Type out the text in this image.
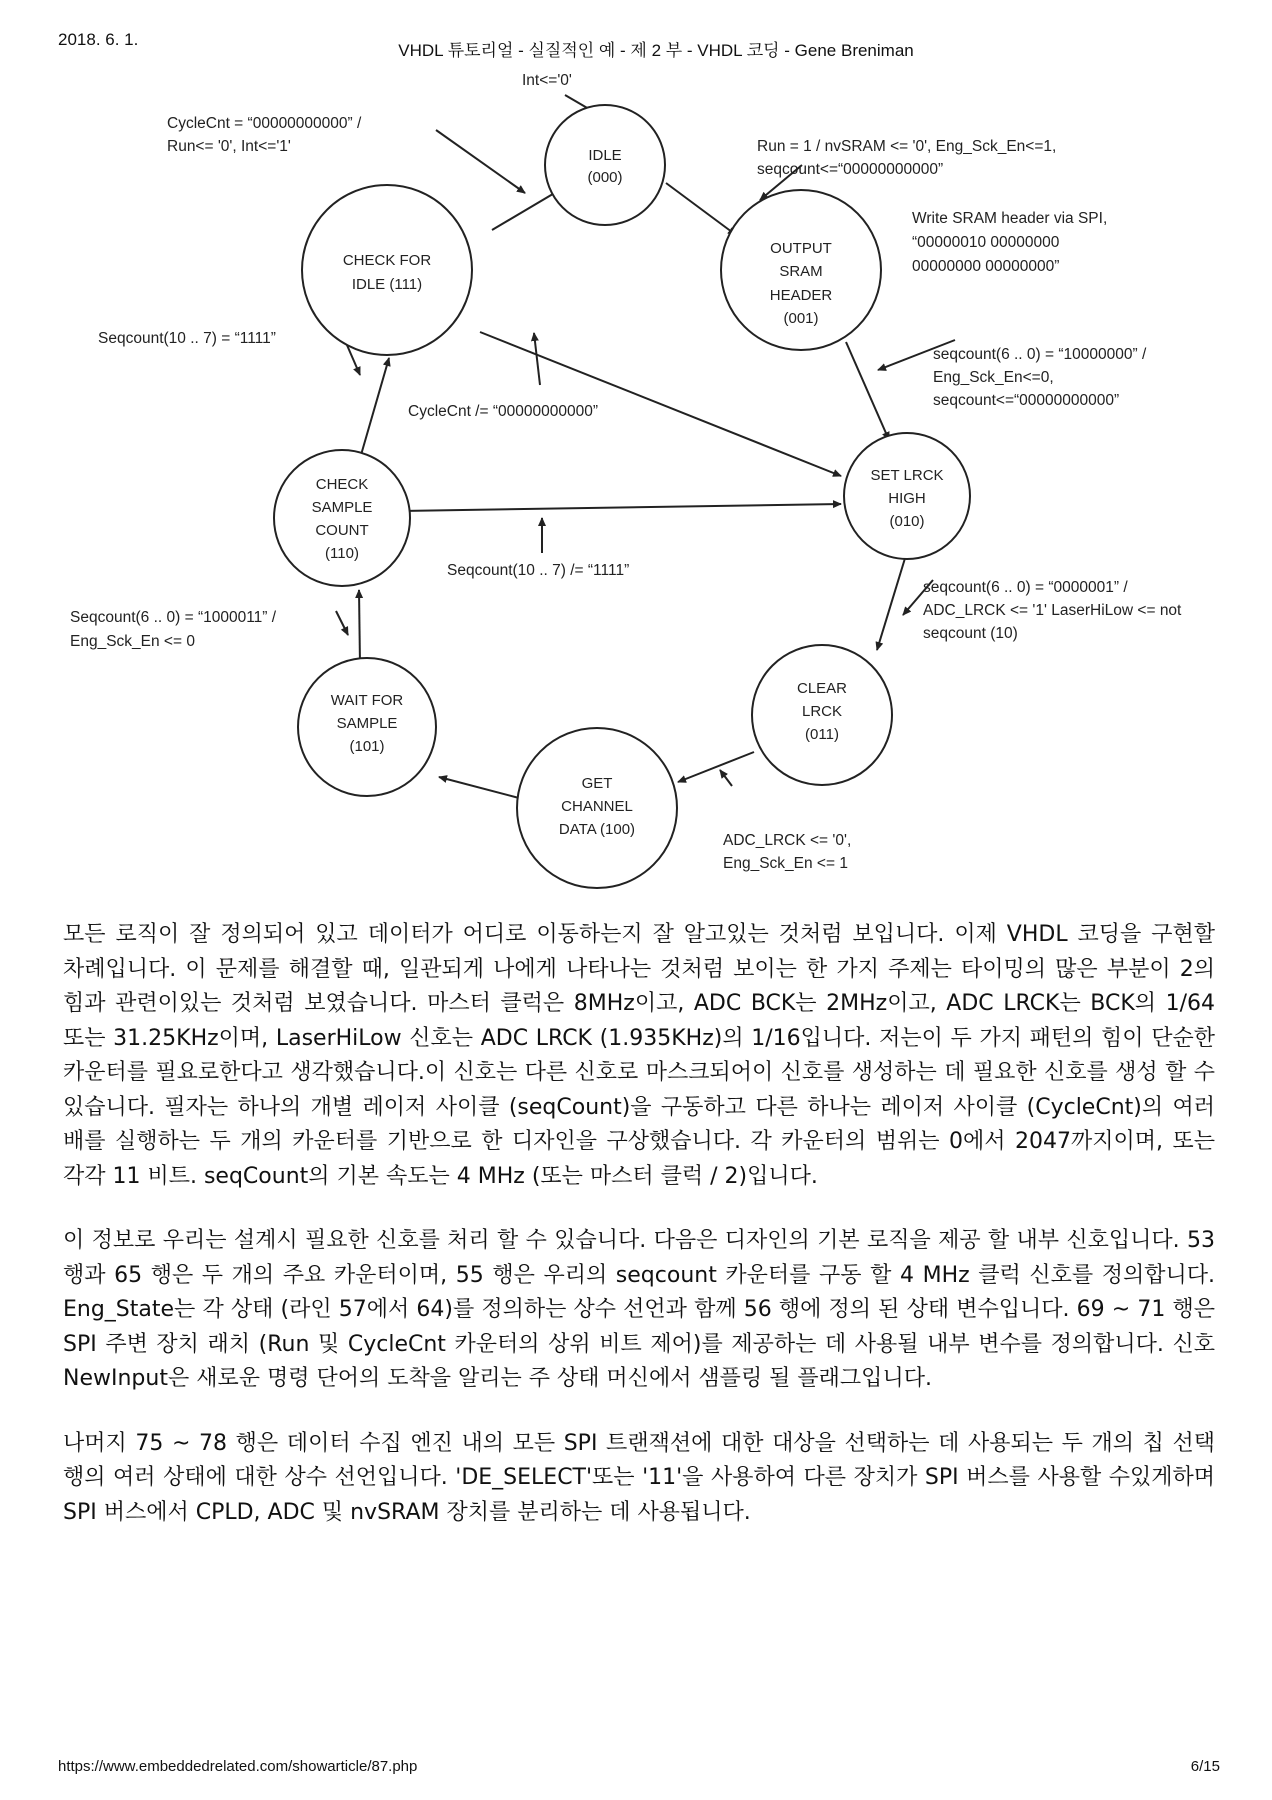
2018. 6. 1.
VHDL 튜토리얼 - 실질적인 예 - 제 2 부 - VHDL 코딩 - Gene Breniman
IDLE
(000)
OUTPUT
SRAM
HEADER
(001)
SET LRCK
HIGH
(010)
CLEAR
LRCK
(011)
GET
CHANNEL
DATA (100)
WAIT FOR
SAMPLE
(101)
CHECK
SAMPLE
COUNT
(110)
CHECK FOR
IDLE (111)
Int<='0'
CycleCnt = “00000000000” /
Run<= '0', Int<='1'	Run = 1 / nvSRAM <= '0', Eng_Sck_En<=1,
seqcount<=“00000000000”
Write SRAM header via SPI,
“00000010 00000000
00000000 00000000”
seqcount(6 .. 0) = “10000000” /
Eng_Sck_En<=0,
seqcount<=“00000000000”
Seqcount(10 .. 7) = “1111”
CycleCnt /= “00000000000”
Seqcount(10 .. 7) /= “1111”
seqcount(6 .. 0) = “0000001” /
ADC_LRCK <= '1' LaserHiLow <= not
seqcount (10)
Seqcount(6 .. 0) = “1000011” /
Eng_Sck_En <= 0
ADC_LRCK <= '0',
Eng_Sck_En <= 1

모든 로직이 잘 정의되어 있고 데이터가 어디로 이동하는지 잘 알고있는 것처럼 보입니다. 이제 VHDL 코딩을 구현할 차례입니다. 이 문제를 해결할 때, 일관되게 나에게 나타나는 것처럼 보이는 한 가지 주제는 타이밍의 많은 부분이 2의 힘과 관련이있는 것처럼 보였습니다. 마스터 클럭은 8MHz이고, ADC BCK는 2MHz이고, ADC LRCK는 BCK의 1/64 또는 31.25KHz이며, LaserHiLow 신호는 ADC LRCK (1.935KHz)의 1/16입니다. 저는이 두 가지 패턴의 힘이 단순한 카운터를 필요로한다고 생각했습니다.이 신호는 다른 신호로 마스크되어이 신호를 생성하는 데 필요한 신호를 생성 할 수 있습니다. 필자는 하나의 개별 레이저 사이클 (seqCount)을 구동하고 다른 하나는 레이저 사이클 (CycleCnt)의 여러 배를 실행하는 두 개의 카운터를 기반으로 한 디자인을 구상했습니다. 각 카운터의 범위는 0에서 2047까지이며, 또는 각각 11 비트. seqCount의 기본 속도는 4 MHz (또는 마스터 클럭 / 2)입니다.

이 정보로 우리는 설계시 필요한 신호를 처리 할 수 있습니다. 다음은 디자인의 기본 로직을 제공 할 내부 신호입니다. 53 행과 65 행은 두 개의 주요 카운터이며, 55 행은 우리의 seqcount 카운터를 구동 할 4 MHz 클럭 신호를 정의합니다. Eng_State는 각 상태 (라인 57에서 64)를 정의하는 상수 선언과 함께 56 행에 정의 된 상태 변수입니다. 69 ~ 71 행은 SPI 주변 장치 래치 (Run 및 CycleCnt 카운터의 상위 비트 제어)를 제공하는 데 사용될 내부 변수를 정의합니다. 신호 NewInput은 새로운 명령 단어의 도착을 알리는 주 상태 머신에서 샘플링 될 플래그입니다.

나머지 75 ~ 78 행은 데이터 수집 엔진 내의 모든 SPI 트랜잭션에 대한 대상을 선택하는 데 사용되는 두 개의 칩 선택 행의 여러 상태에 대한 상수 선언입니다. 'DE_SELECT'또는 '11'을 사용하여 다른 장치가 SPI 버스를 사용할 수있게하며 SPI 버스에서 CPLD, ADC 및 nvSRAM 장치를 분리하는 데 사용됩니다.

https://www.embeddedrelated.com/showarticle/87.php	6/15
